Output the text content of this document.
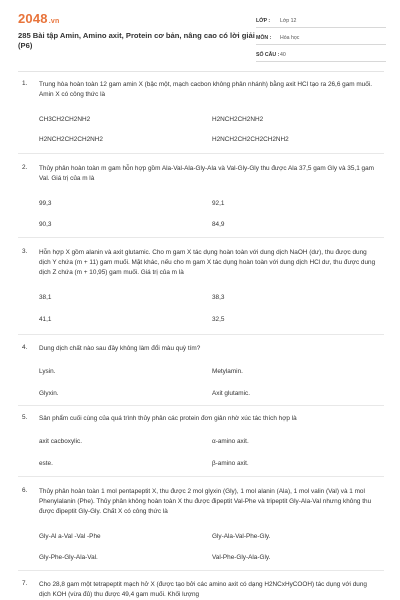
2048.vn
285 Bài tập Amin, Amino axit, Protein cơ bản, nâng cao có lời giải (P6)
LỚP :	Lớp 12
MÔN :	Hóa học
SỐ CÂU : 40
1. Trung hòa hoàn toàn 12 gam amin X (bậc một, mạch cacbon không phân nhánh) bằng axit HCl tạo ra 26,6 gam muối. Amin X có công thức là
CH3CH2CH2NH2	H2NCH2CH2NH2
H2NCH2CH2CH2NH2	H2NCH2CH2CH2CH2NH2
2. Thủy phân hoàn toàn m gam hỗn hợp gồm Ala-Val-Ala-Gly-Ala và Val-Gly-Gly thu được Ala 37,5 gam Gly và 35,1 gam Val. Giá trị của m là
99,3	92,1
90,3	84,9
3. Hỗn hợp X gồm alanin và axit glutamic. Cho m gam X tác dụng hoàn toàn với dung dịch NaOH (dư), thu được dung dịch Y chứa (m + 11) gam muối. Mặt khác, nếu cho m gam X tác dụng hoàn toàn với dung dịch HCl dư, thu được dung dịch Z chứa (m + 10,95) gam muối. Giá trị của m là
38,1	38,3
41,1	32,5
4. Dung dịch chất nào sau đây không làm đổi màu quỳ tím?
Lysin.	Metylamin.
Glyxin.	Axit glutamic.
5. Sản phẩm cuối cùng của quá trình thủy phân các protein đơn giản nhờ xúc tác thích hợp là
axit cacboxylic.	α-amino axit.
este.	β-amino axit.
6. Thủy phân hoàn toàn 1 mol pentapeptit X, thu được 2 mol glyxin (Gly), 1 mol alanin (Ala), 1 mol valin (Val) và 1 mol Phenylalanin (Phe). Thủy phân không hoàn toàn X thu được đipeptit Val-Phe và tripeptit Gly-Ala-Val nhưng không thu được đipeptit Gly-Gly. Chất X có công thức là
Gly-Al a-Val -Val -Phe	Gly-Ala-Val-Phe-Gly.
Gly-Phe-Gly-Ala-Val.	Val-Phe-Gly-Ala-Gly.
7. Cho 28,8 gam một tetrapeptit mạch hở X (được tạo bởi các amino axit có dạng H2NCxHyCOOH) tác dụng với dung dịch KOH (vừa đủ) thu được 49,4 gam muối. Khối lượng
